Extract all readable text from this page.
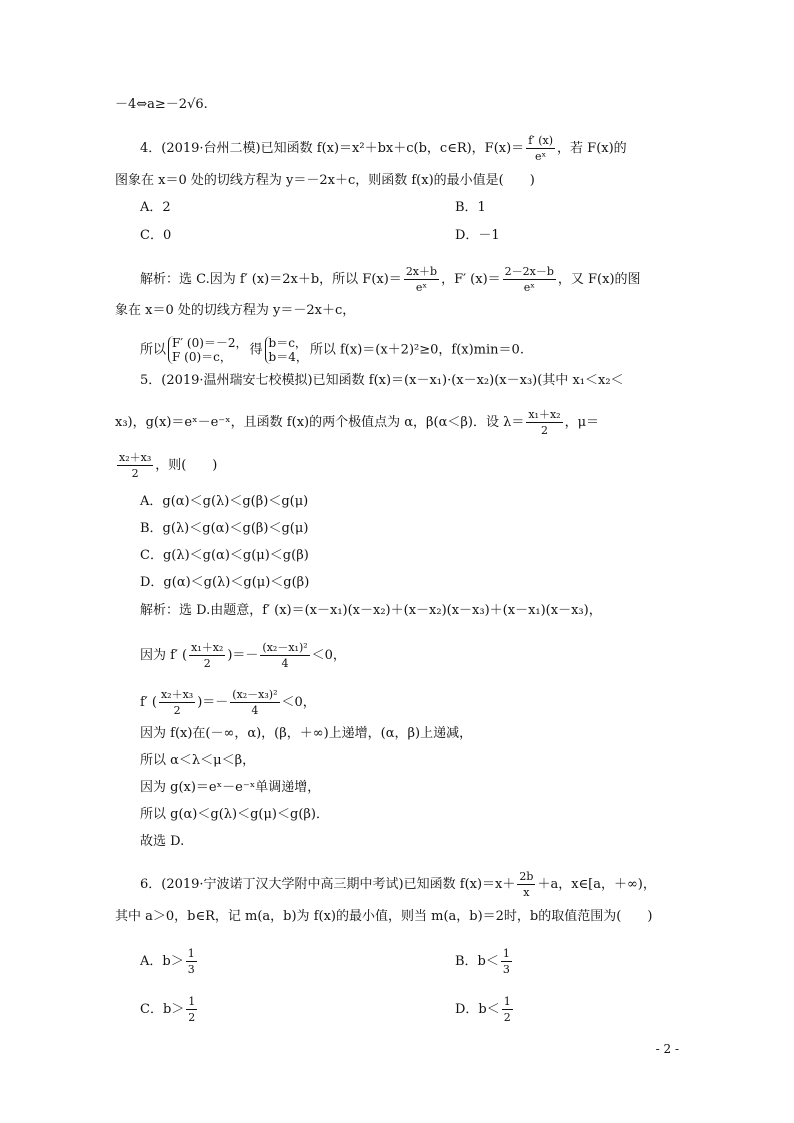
－4⇔a≥－2√6.
4．(2019·台州二模)已知函数 f(x)＝x²＋bx＋c(b，c∈R)，$F(x)= \frac{f' (x)}{\text{eˣ}}$ ，若 F(x)的
图象在 x＝0 处的切线方程为 y＝－2x＋c，则函数 f(x)的最小值是(　　)
A．2	B．1
C．0	D．－1
解析：选 C.因为 f′ (x)＝2x＋b，所以 $F(x)= \frac{2x+b}{\text{eˣ}}$ ，F′ $(x)= \frac{2-2x-b}{\text{eˣ}}$ ，又 F(x)的图
象在 x＝0 处的切线方程为 y＝－2x＋c，
所以 F′ (0)＝－2，
F (0)＝c，	得 b＝c，
b＝4， 所以 f(x)＝(x＋2)²≥0，f(x)min＝0.
5．(2019·温州瑞安七校模拟)已知函数 f(x)＝(x－x₁)·(x－x₂)(x－x₃)(其中 x₁＜x₂＜
x₃)，g(x)＝eˣ－e⁻ˣ，且函数 f(x)的两个极值点为 α，β(α＜β)．设 $\lambda= \frac{\text{x₁＋x₂}}{2}$ ，μ＝
$\frac{\text{x₂＋x₃}}{2}$ ，则(　　)
A．g(α)＜g(λ)＜g(β)＜g(μ)
B．g(λ)＜g(α)＜g(β)＜g(μ)
C．g(λ)＜g(α)＜g(μ)＜g(β)
D．g(α)＜g(λ)＜g(μ)＜g(β)
解析：选 D.由题意，f′ (x)＝(x－x₁)(x－x₂)＋(x－x₂)(x－x₃)＋(x－x₁)(x－x₃)，
因为 f′ ( $\frac{\text{x₁＋x₂}}{2}$ )＝－ $\frac{\text{(x₂－x₁)²}}{4} <0$，
f′ ( $\frac{\text{x₂＋x₃}}{2}$ )＝－ $\frac{\text{(x₂－x₃)²}}{4} <0$，
因为 f(x)在(－∞，α)，(β，＋∞)上递增，(α，β)上递减，
所以 α＜λ＜μ＜β，
因为 g(x)＝eˣ－e⁻ˣ单调递增，
所以 g(α)＜g(λ)＜g(μ)＜g(β)．
故选 D.
6．(2019·宁波诺丁汉大学附中高三期中考试)已知函数 $f(x)=x+ \frac{2b}{x} +a$，x∈[a，＋∞)，
其中 a＞0，b∈R，记 m(a，b)为 f(x)的最小值，则当 m(a，b)＝2时，b的取值范围为(　　)
A．$b> \frac{1}{3}$	B．$b< \frac{1}{3}$
C．$b> \frac{1}{2}$	D．$b< \frac{1}{2}$
- 2 -
